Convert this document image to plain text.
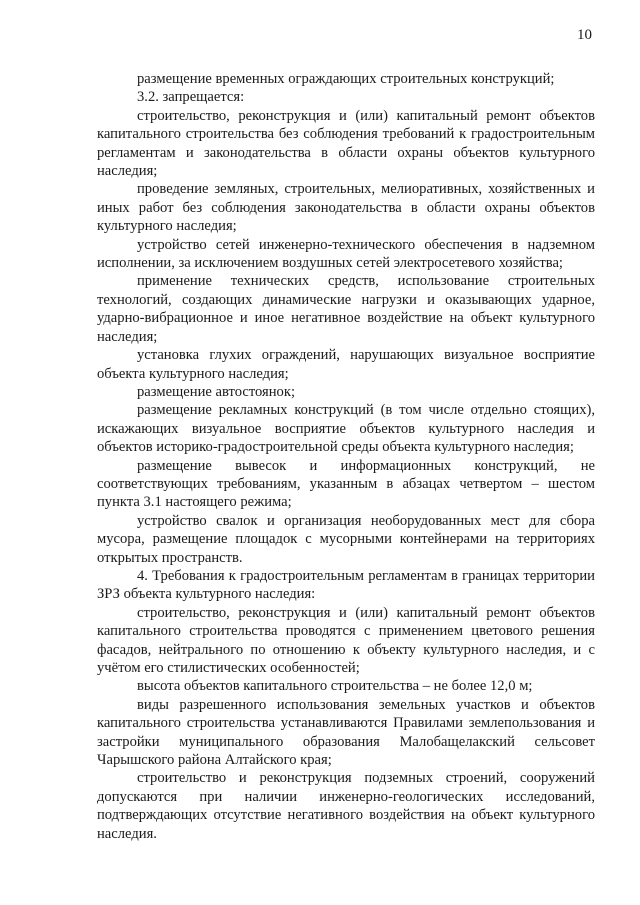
10

размещение временных ограждающих строительных конструкций;

3.2. запрещается:

строительство, реконструкция и (или) капитальный ремонт объектов капитального строительства без соблюдения требований к градостроительным регламентам и законодательства в области охраны объектов культурного наследия;

проведение земляных, строительных, мелиоративных, хозяйственных и иных работ без соблюдения законодательства в области охраны объектов культурного наследия;

устройство сетей инженерно-технического обеспечения в надземном исполнении, за исключением воздушных сетей электросетевого хозяйства;

применение технических средств, использование строительных технологий, создающих динамические нагрузки и оказывающих ударное, ударно-вибрационное и иное негативное воздействие на объект культурного наследия;

установка глухих ограждений, нарушающих визуальное восприятие объекта культурного наследия;

размещение автостоянок;

размещение рекламных конструкций (в том числе отдельно стоящих), искажающих визуальное восприятие объектов культурного наследия и объектов историко-градостроительной среды объекта культурного наследия;

размещение вывесок и информационных конструкций, не соответствующих требованиям, указанным в абзацах четвертом – шестом пункта 3.1 настоящего режима;

устройство свалок и организация необорудованных мест для сбора мусора, размещение площадок с мусорными контейнерами на территориях открытых пространств.

4. Требования к градостроительным регламентам в границах территории ЗРЗ объекта культурного наследия:

строительство, реконструкция и (или) капитальный ремонт объектов капитального строительства проводятся с применением цветового решения фасадов, нейтрального по отношению к объекту культурного наследия, и с учётом его стилистических особенностей;

высота объектов капитального строительства – не более 12,0 м;

виды разрешенного использования земельных участков и объектов капитального строительства устанавливаются Правилами землепользования и застройки муниципального образования Малобащелакский сельсовет Чарышского района Алтайского края;

строительство и реконструкция подземных строений, сооружений допускаются при наличии инженерно-геологических исследований, подтверждающих отсутствие негативного воздействия на объект культурного наследия.
